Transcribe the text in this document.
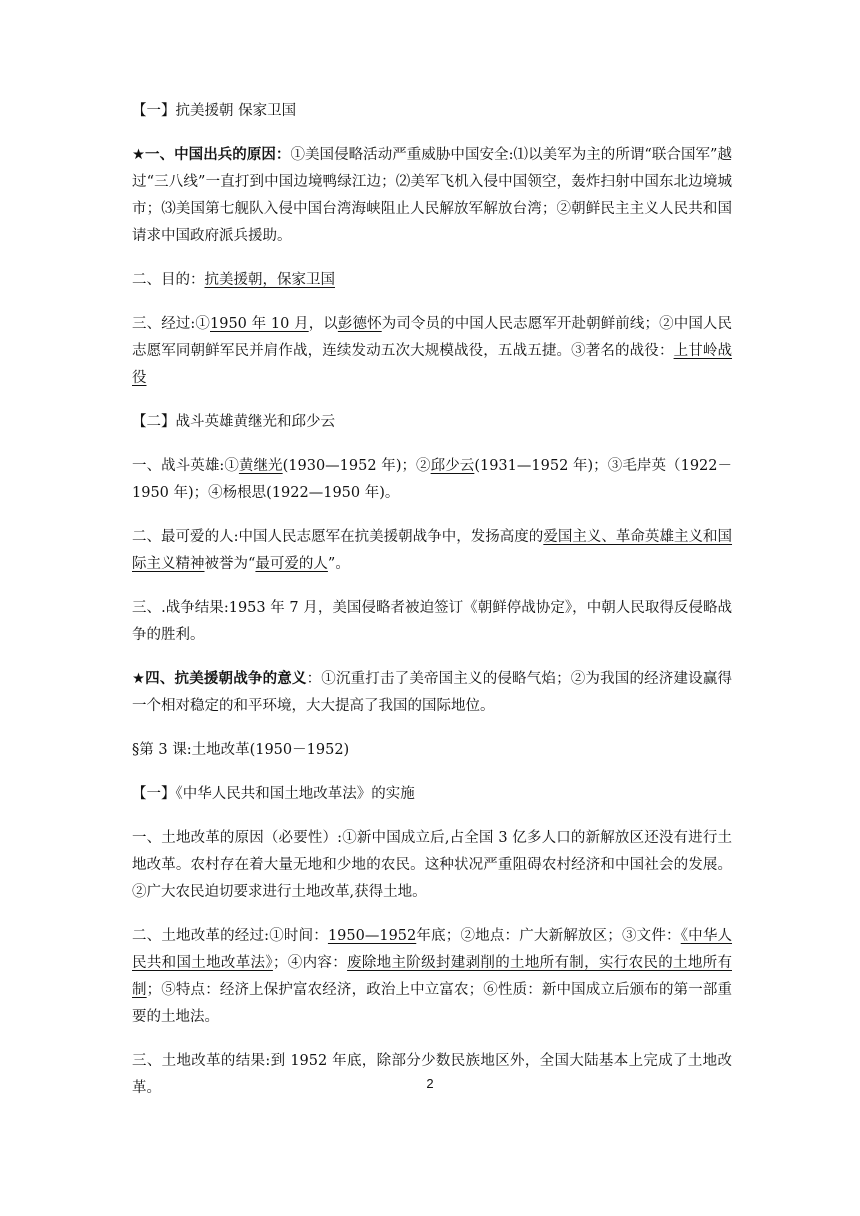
【一】抗美援朝 保家卫国

★一、中国出兵的原因：①美国侵略活动严重威胁中国安全:⑴以美军为主的所谓“联合国军”越过“三八线”一直打到中国边境鸭绿江边；⑵美军飞机入侵中国领空，轰炸扫射中国东北边境城市；⑶美国第七舰队入侵中国台湾海峡阻止人民解放军解放台湾；②朝鲜民主主义人民共和国请求中国政府派兵援助。

二、目的：抗美援朝，保家卫国

三、经过:①1950 年 10 月，以彭德怀为司令员的中国人民志愿军开赴朝鲜前线；②中国人民志愿军同朝鲜军民并肩作战，连续发动五次大规模战役，五战五捷。③著名的战役：上甘岭战役

【二】战斗英雄黄继光和邱少云

一、战斗英雄:①黄继光(1930—1952 年)；②邱少云(1931—1952 年)；③毛岸英（1922－1950 年)；④杨根思(1922—1950 年)。

二、最可爱的人:中国人民志愿军在抗美援朝战争中，发扬高度的爱国主义、革命英雄主义和国际主义精神被誉为“最可爱的人”。

三、.战争结果:1953 年 7 月，美国侵略者被迫签订《朝鲜停战协定》，中朝人民取得反侵略战争的胜利。

★四、抗美援朝战争的意义：①沉重打击了美帝国主义的侵略气焰；②为我国的经济建设赢得一个相对稳定的和平环境，大大提高了我国的国际地位。

§第 3 课:土地改革(1950－1952)

【一】《中华人民共和国土地改革法》的实施

一、土地改革的原因（必要性）:①新中国成立后,占全国 3 亿多人口的新解放区还没有进行土地改革。农村存在着大量无地和少地的农民。这种状况严重阻碍农村经济和中国社会的发展。②广大农民迫切要求进行土地改革,获得土地。

二、土地改革的经过:①时间：1950—1952年底；②地点：广大新解放区；③文件：《中华人民共和国土地改革法》；④内容：废除地主阶级封建剥削的土地所有制，实行农民的土地所有制；⑤特点：经济上保护富农经济，政治上中立富农；⑥性质：新中国成立后颁布的第一部重要的土地法。

三、土地改革的结果:到 1952 年底，除部分少数民族地区外，全国大陆基本上完成了土地改革。	2
